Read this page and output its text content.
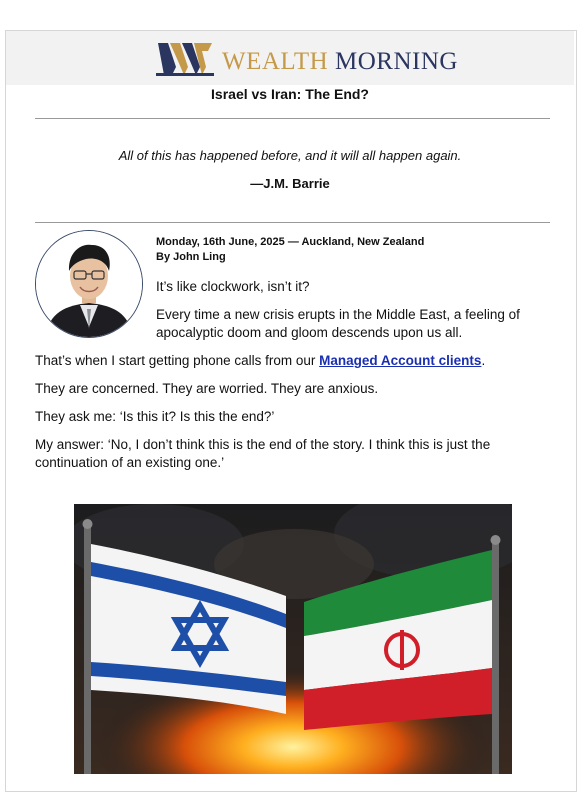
WEALTH MORNING
Israel vs Iran: The End?
All of this has happened before, and it will all happen again.
—J.M. Barrie
Monday, 16th June, 2025 — Auckland, New Zealand
By John Ling
It’s like clockwork, isn’t it?
Every time a new crisis erupts in the Middle East, a feeling of apocalyptic doom and gloom descends upon us all.
That’s when I start getting phone calls from our Managed Account clients.
They are concerned. They are worried. They are anxious.
They ask me: ‘Is this it? Is this the end?’
My answer: ‘No, I don’t think this is the end of the story. I think this is just the continuation of an existing one.’
